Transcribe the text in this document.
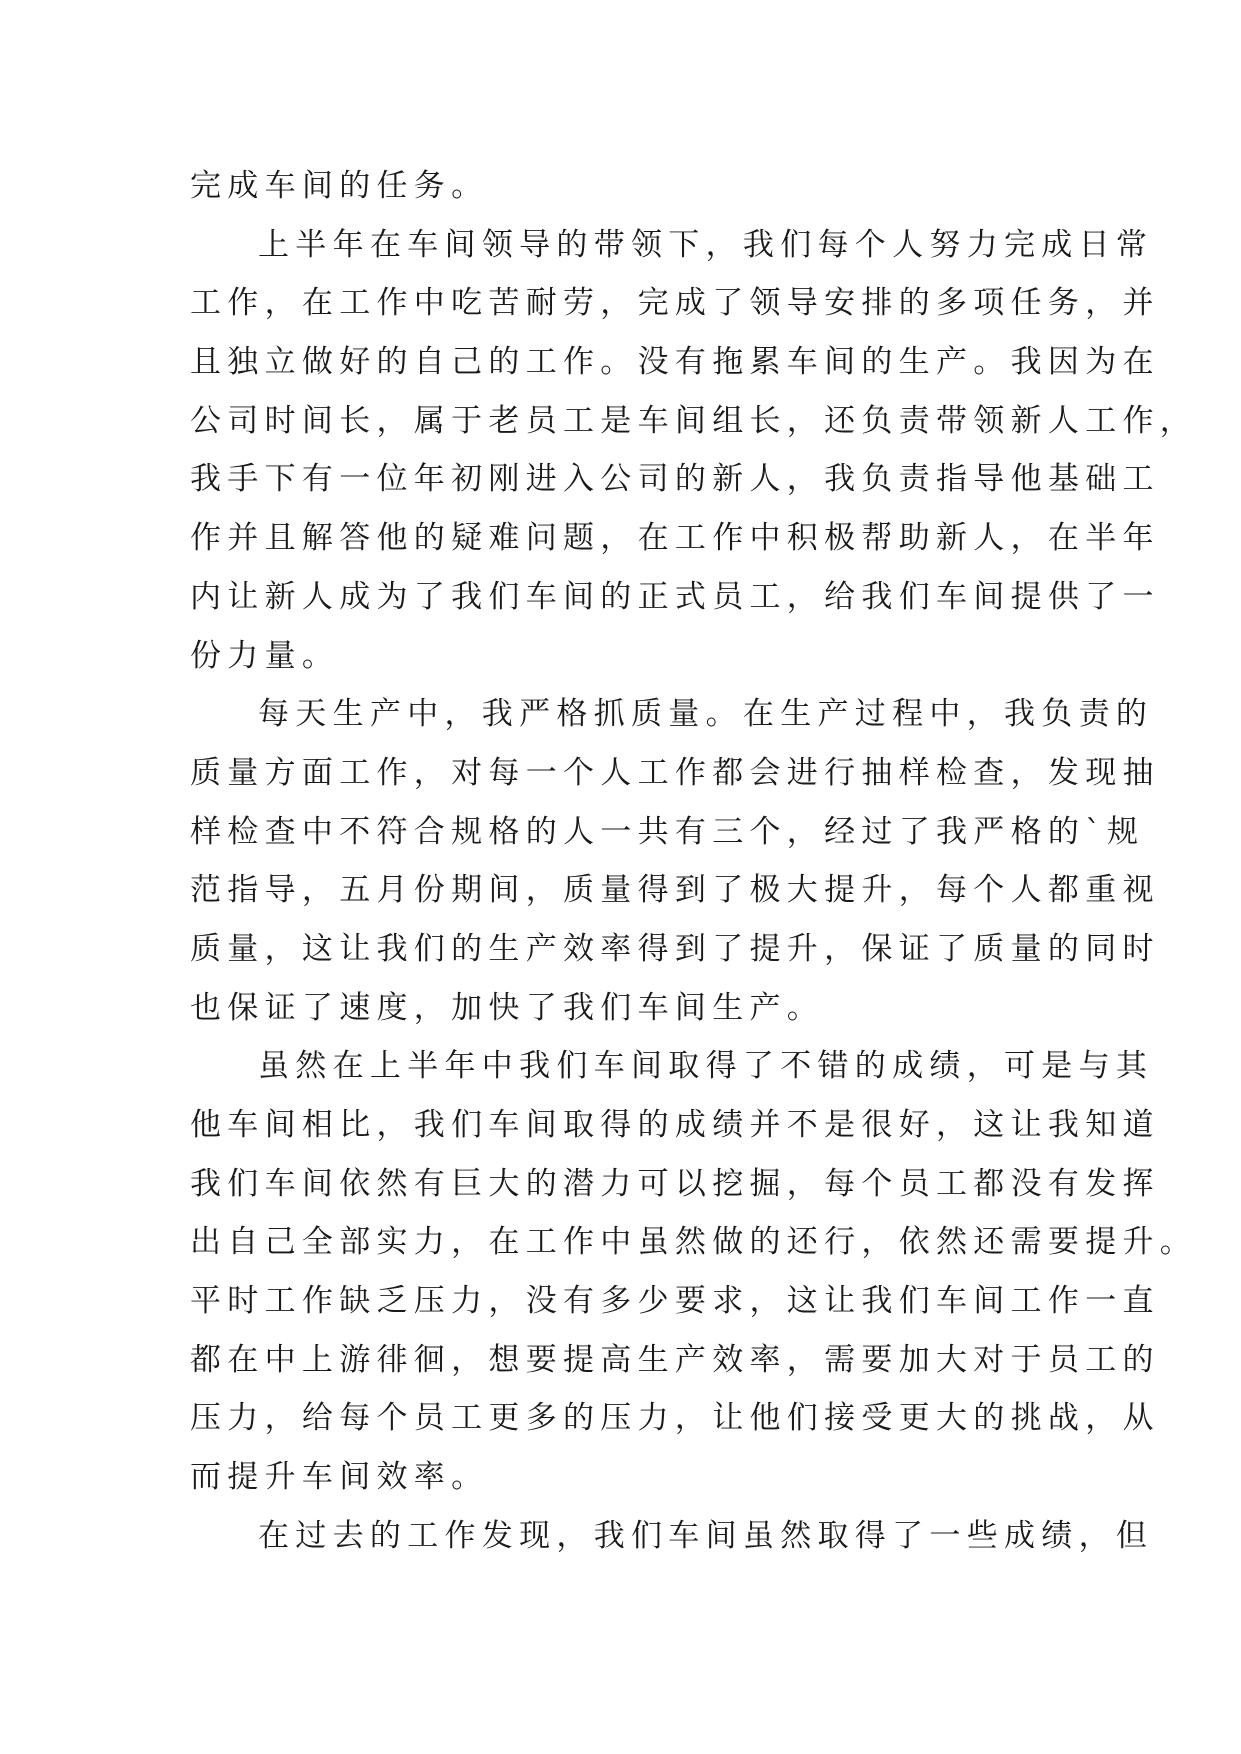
完成车间的任务。
上半年在车间领导的带领下，我们每个人努力完成日常
工作，在工作中吃苦耐劳，完成了领导安排的多项任务，并
且独立做好的自己的工作。没有拖累车间的生产。我因为在
公司时间长，属于老员工是车间组长，还负责带领新人工作，
我手下有一位年初刚进入公司的新人，我负责指导他基础工
作并且解答他的疑难问题，在工作中积极帮助新人，在半年
内让新人成为了我们车间的正式员工，给我们车间提供了一
份力量。
每天生产中，我严格抓质量。在生产过程中，我负责的
质量方面工作，对每一个人工作都会进行抽样检查，发现抽
样检查中不符合规格的人一共有三个，经过了我严格的`规
范指导，五月份期间，质量得到了极大提升，每个人都重视
质量，这让我们的生产效率得到了提升，保证了质量的同时
也保证了速度，加快了我们车间生产。
虽然在上半年中我们车间取得了不错的成绩，可是与其
他车间相比，我们车间取得的成绩并不是很好，这让我知道
我们车间依然有巨大的潜力可以挖掘，每个员工都没有发挥
出自己全部实力，在工作中虽然做的还行，依然还需要提升。
平时工作缺乏压力，没有多少要求，这让我们车间工作一直
都在中上游徘徊，想要提高生产效率，需要加大对于员工的
压力，给每个员工更多的压力，让他们接受更大的挑战，从
而提升车间效率。
在过去的工作发现，我们车间虽然取得了一些成绩，但
